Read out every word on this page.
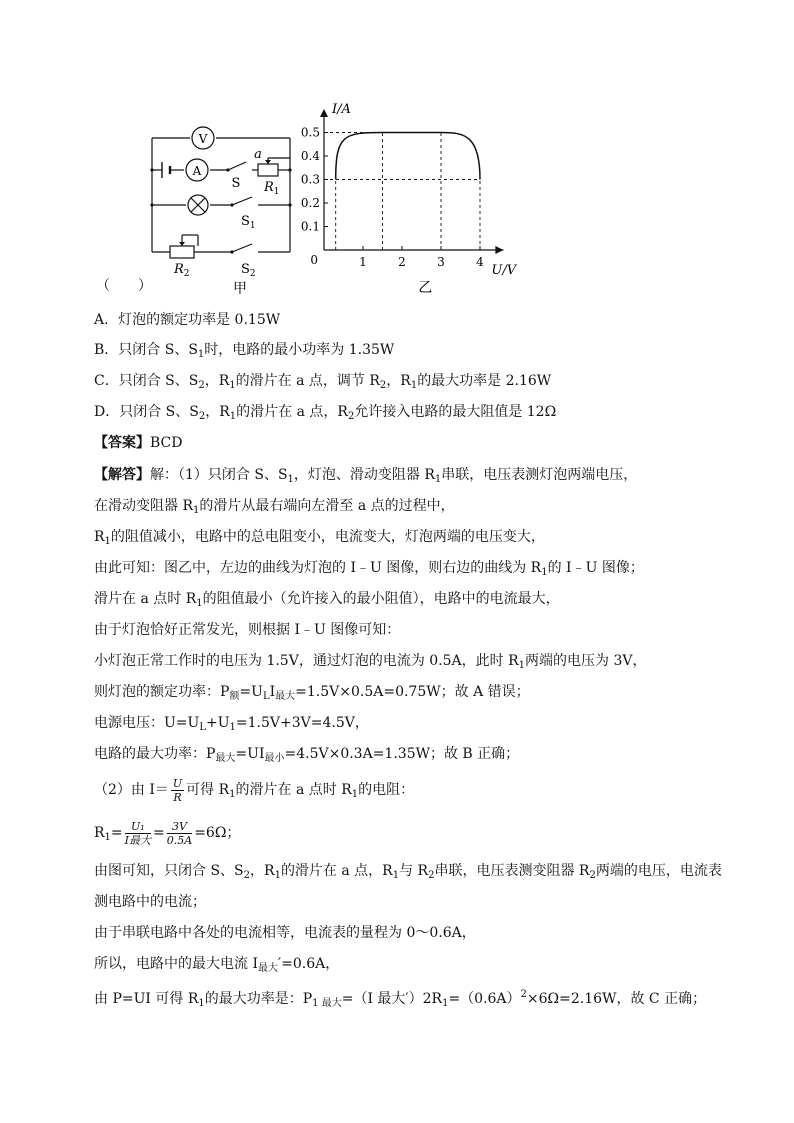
V
A
S
a
$R_1$
$S_1$
$R_2$	$S_2$
甲
0.1
0.2
0.3
0.4
0.5
1	2	3	4
0
I/A
U/V
乙
（　　）
A．灯泡的额定功率是 0.15W
B．只闭合 S、$S_1$时，电路的最小功率为 1.35W
C．只闭合 S、$S_2$，$R_1$的滑片在 a 点，调节 $R_2$，$R_1$的最大功率是 2.16W
D．只闭合 S、$S_2$，$R_1$的滑片在 a 点，$R_2$允许接入电路的最大阻值是 12Ω
【答案】BCD
【解答】解：（1）只闭合 S、$S_1$，灯泡、滑动变阻器 $R_1$串联，电压表测灯泡两端电压，
在滑动变阻器 $R_1$的滑片从最右端向左滑至 a 点的过程中，
$R_1$的阻值减小，电路中的总电阻变小，电流变大，灯泡两端的电压变大，
由此可知：图乙中，左边的曲线为灯泡的 I﹣U 图像，则右边的曲线为 $R_1$的 I﹣U 图像；
滑片在 a 点时 $R_1$的阻值最小（允许接入的最小阻值），电路中的电流最大，
由于灯泡恰好正常发光，则根据 I﹣U 图像可知：
小灯泡正常工作时的电压为 1.5V，通过灯泡的电流为 0.5A，此时 $R_1$两端的电压为 3V，
则灯泡的额定功率：$P_额=U_LI_{最大}=1.5V\times 0.5A=0.75W$；故 A 错误；
电源电压：$U=U_L+U_1=1.5V+3V=4.5V$，
电路的最大功率：$P_{最大}=UI_{最小}=4.5V\times 0.3A=1.35W$；故 B 正确；
（2）由 $I= \frac{U}{R}$ 可得 $R_1$的滑片在 a 点时 $R_1$的电阻：
$R_1= \frac{\text{U₁}}{\text{I最大}} = \frac{3V}{0.5A} =6\Omega$；
由图可知，只闭合 S、$S_2$，$R_1$的滑片在 a 点，$R_1$与 $R_2$串联，电压表测变阻器 $R_2$两端的电压，电流表
测电路中的电流；
由于串联电路中各处的电流相等，电流表的量程为 0～0.6A，
所以，电路中的最大电流 $I_{最大}'=0.6A$，
由 P=UI 可得 $R_1$的最大功率是：$P_{1 最大}=(I$ 最大$')2R_1=(0.6A)^2\times 6\Omega=2.16W$，故 C 正确；
